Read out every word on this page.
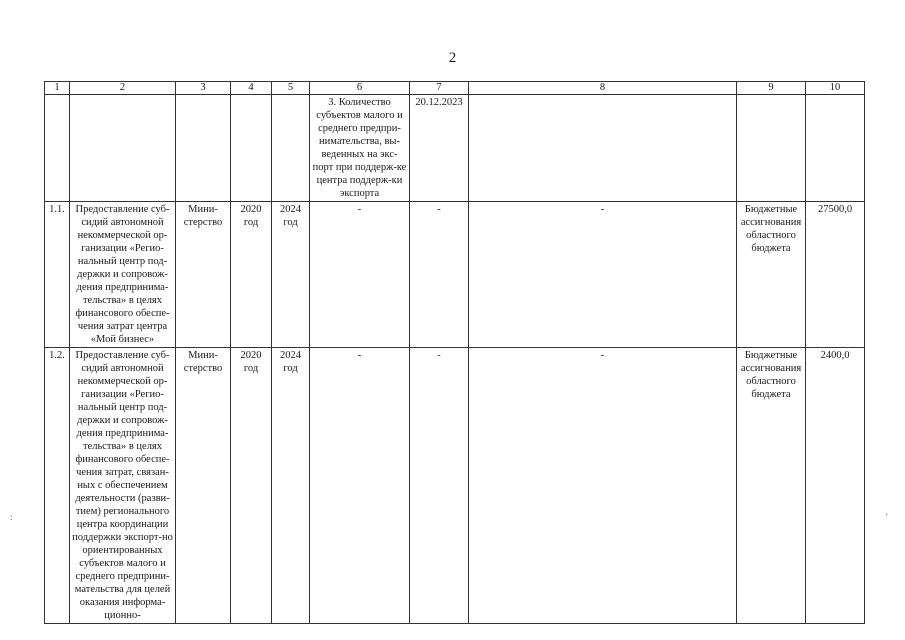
2
1	2	3	4	5	6	7	8	9	10
					3. Количество субъектов малого и среднего предпри-нимательства, вы-веденных на экс-порт при поддерж-ке центра поддерж-ки экспорта	20.12.2023			
1.1.	Предоставление суб-сидий автономной некоммерческой ор-ганизации «Регио-нальный центр под-держки и сопровож-дения предпринима-тельства» в целях финансового обеспе-чения затрат центра «Мой бизнес»	Мини-стерство	2020 год	2024 год	-	-	-	Бюджетные ассигнования областного бюджета	27500,0
1.2.	Предоставление суб-сидий автономной некоммерческой ор-ганизации «Регио-нальный центр под-держки и сопровож-дения предпринима-тельства» в целях финансового обеспе-чения затрат, связан-ных с обеспечением деятельности (разви-тием) регионального центра координации поддержки экспорт-но ориентированных субъектов малого и среднего предприни-мательства для целей оказания информа-ционно-	Мини-стерство	2020 год	2024 год	-	-	-	Бюджетные ассигнования областного бюджета	2400,0
:	'
